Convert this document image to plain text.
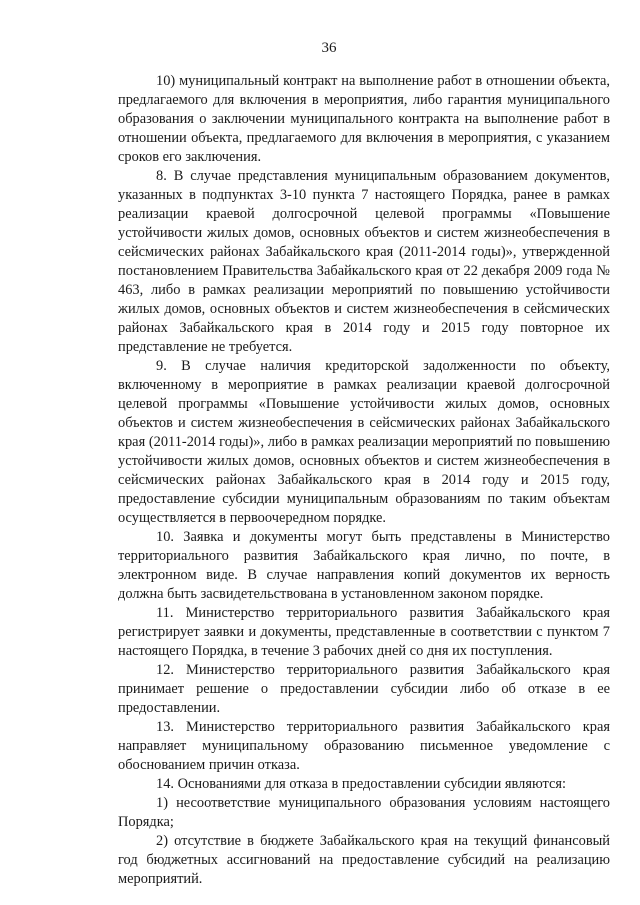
36

10) муниципальный контракт на выполнение работ в отношении объекта, предлагаемого для включения в мероприятия, либо гарантия муниципального образования о заключении муниципального контракта на выполнение работ в отношении объекта, предлагаемого для включения в мероприятия, с указанием сроков его заключения.

8. В случае представления муниципальным образованием документов, указанных в подпунктах 3-10 пункта 7 настоящего Порядка, ранее в рамках реализации краевой долгосрочной целевой программы «Повышение устойчивости жилых домов, основных объектов и систем жизнеобеспечения в сейсмических районах Забайкальского края (2011-2014 годы)», утвержденной постановлением Правительства Забайкальского края от 22 декабря 2009 года № 463, либо в рамках реализации мероприятий по повышению устойчивости жилых домов, основных объектов и систем жизнеобеспечения в сейсмических районах Забайкальского края в 2014 году и 2015 году повторное их представление не требуется.

9. В случае наличия кредиторской задолженности по объекту, включенному в мероприятие в рамках реализации краевой долгосрочной целевой программы «Повышение устойчивости жилых домов, основных объектов и систем жизнеобеспечения в сейсмических районах Забайкальского края (2011-2014 годы)», либо в рамках реализации мероприятий по повышению устойчивости жилых домов, основных объектов и систем жизнеобеспечения в сейсмических районах Забайкальского края в 2014 году и 2015 году, предоставление субсидии муниципальным образованиям по таким объектам осуществляется в первоочередном порядке.

10. Заявка и документы могут быть представлены в Министерство территориального развития Забайкальского края лично, по почте, в электронном виде. В случае направления копий документов их верность должна быть засвидетельствована в установленном законом порядке.

11. Министерство территориального развития Забайкальского края регистрирует заявки и документы, представленные в соответствии с пунктом 7 настоящего Порядка, в течение 3 рабочих дней со дня их поступления.

12. Министерство территориального развития Забайкальского края принимает решение о предоставлении субсидии либо об отказе в ее предоставлении.

13. Министерство территориального развития Забайкальского края направляет муниципальному образованию письменное уведомление с обоснованием причин отказа.

14. Основаниями для отказа в предоставлении субсидии являются:

1) несоответствие муниципального образования условиям настоящего Порядка;

2) отсутствие в бюджете Забайкальского края на текущий финансовый год бюджетных ассигнований на предоставление субсидий на реализацию мероприятий.
